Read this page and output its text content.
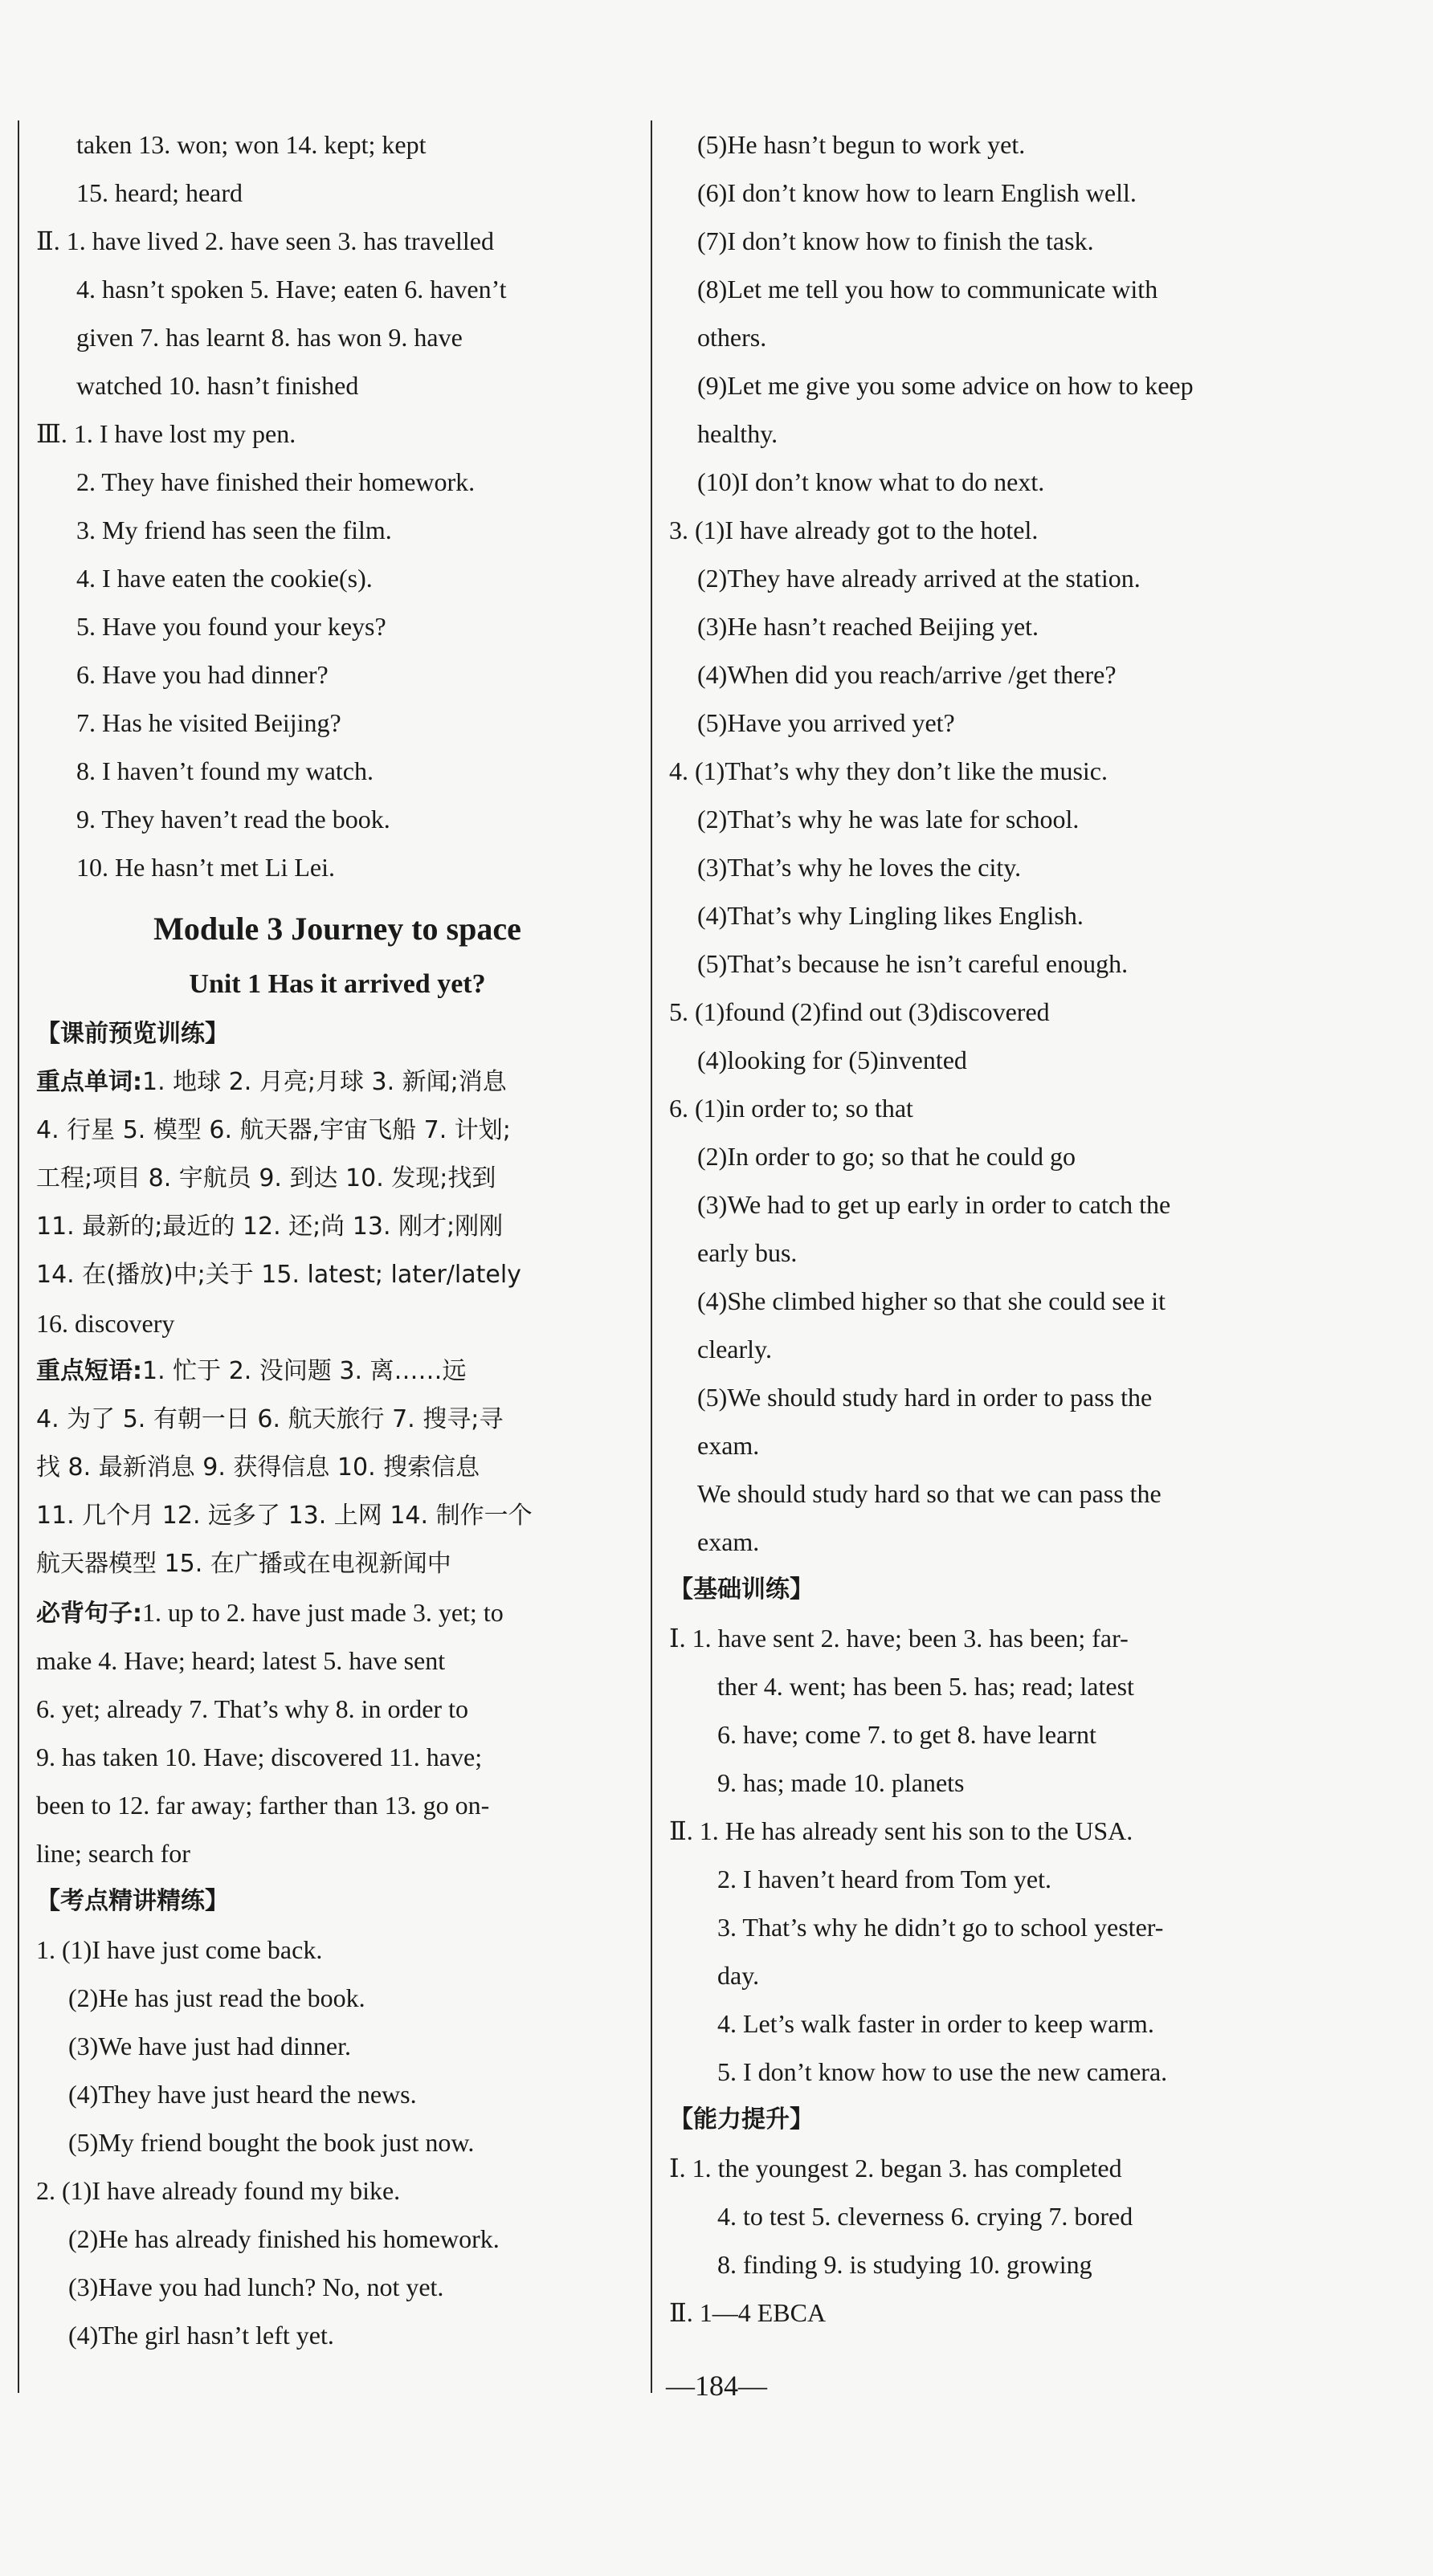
taken 13. won; won 14. kept; kept
15. heard; heard
Ⅱ. 1. have lived 2. have seen 3. has travelled
4. hasn’t spoken 5. Have; eaten 6. haven’t
given 7. has learnt 8. has won 9. have
watched 10. hasn’t finished
Ⅲ. 1. I have lost my pen.
2. They have finished their homework.
3. My friend has seen the film.
4. I have eaten the cookie(s).
5. Have you found your keys?
6. Have you had dinner?
7. Has he visited Beijing?
8. I haven’t found my watch.
9. They haven’t read the book.
10. He hasn’t met Li Lei.
Module 3 Journey to space
Unit 1 Has it arrived yet?
【课前预览训练】
重点单词:1. 地球 2. 月亮;月球 3. 新闻;消息
4. 行星 5. 模型 6. 航天器,宇宙飞船 7. 计划;
工程;项目 8. 宇航员 9. 到达 10. 发现;找到
11. 最新的;最近的 12. 还;尚 13. 刚才;刚刚
14. 在(播放)中;关于 15. latest; later/lately
16. discovery
重点短语:1. 忙于 2. 没问题 3. 离……远
4. 为了 5. 有朝一日 6. 航天旅行 7. 搜寻;寻
找 8. 最新消息 9. 获得信息 10. 搜索信息
11. 几个月 12. 远多了 13. 上网 14. 制作一个
航天器模型 15. 在广播或在电视新闻中
必背句子:1. up to 2. have just made 3. yet; to
make 4. Have; heard; latest 5. have sent
6. yet; already 7. That’s why 8. in order to
9. has taken 10. Have; discovered 11. have;
been to 12. far away; farther than 13. go on-
line; search for
【考点精讲精练】
1. (1)I have just come back.
(2)He has just read the book.
(3)We have just had dinner.
(4)They have just heard the news.
(5)My friend bought the book just now.
2. (1)I have already found my bike.
(2)He has already finished his homework.
(3)Have you had lunch? No, not yet.
(4)The girl hasn’t left yet.
(5)He hasn’t begun to work yet.
(6)I don’t know how to learn English well.
(7)I don’t know how to finish the task.
(8)Let me tell you how to communicate with
others.
(9)Let me give you some advice on how to keep
healthy.
(10)I don’t know what to do next.
3. (1)I have already got to the hotel.
(2)They have already arrived at the station.
(3)He hasn’t reached Beijing yet.
(4)When did you reach/arrive /get there?
(5)Have you arrived yet?
4. (1)That’s why they don’t like the music.
(2)That’s why he was late for school.
(3)That’s why he loves the city.
(4)That’s why Lingling likes English.
(5)That’s because he isn’t careful enough.
5. (1)found (2)find out (3)discovered
(4)looking for (5)invented
6. (1)in order to; so that
(2)In order to go; so that he could go
(3)We had to get up early in order to catch the
early bus.
(4)She climbed higher so that she could see it
clearly.
(5)We should study hard in order to pass the
exam.
We should study hard so that we can pass the
exam.
【基础训练】
Ⅰ. 1. have sent 2. have; been 3. has been; far-
ther 4. went; has been 5. has; read; latest
6. have; come 7. to get 8. have learnt
9. has; made 10. planets
Ⅱ. 1. He has already sent his son to the USA.
2. I haven’t heard from Tom yet.
3. That’s why he didn’t go to school yester-
day.
4. Let’s walk faster in order to keep warm.
5. I don’t know how to use the new camera.
【能力提升】
Ⅰ. 1. the youngest 2. began 3. has completed
4. to test 5. cleverness 6. crying 7. bored
8. finding 9. is studying 10. growing
Ⅱ. 1—4 EBCA
—184—
